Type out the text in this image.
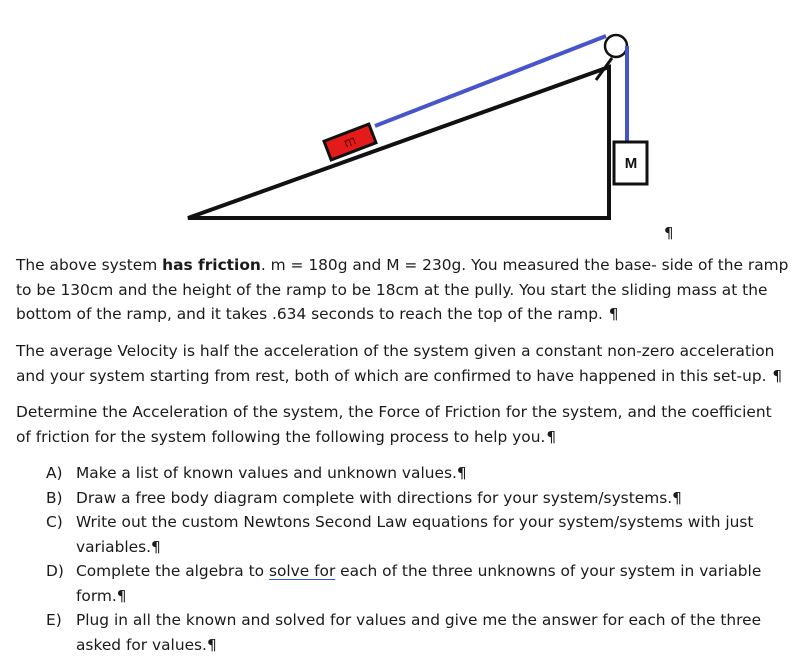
m
M
¶

The above system has friction. m = 180g and M = 230g. You measured the base- side of the ramp to be 130cm and the height of the ramp to be 18cm at the pully. You start the sliding mass at the bottom of the ramp, and it takes .634 seconds to reach the top of the ramp. ¶

The average Velocity is half the acceleration of the system given a constant non-zero acceleration and your system starting from rest, both of which are confirmed to have happened in this set-up. ¶

Determine the Acceleration of the system, the Force of Friction for the system, and the coefficient of friction for the system following the following process to help you.¶

A) Make a list of known values and unknown values.¶
B) Draw a free body diagram complete with directions for your system/systems.¶
C) Write out the custom Newtons Second Law equations for your system/systems with just variables.¶
D) Complete the algebra to solve for each of the three unknowns of your system in variable form.¶
E) Plug in all the known and solved for values and give me the answer for each of the three asked for values.¶
